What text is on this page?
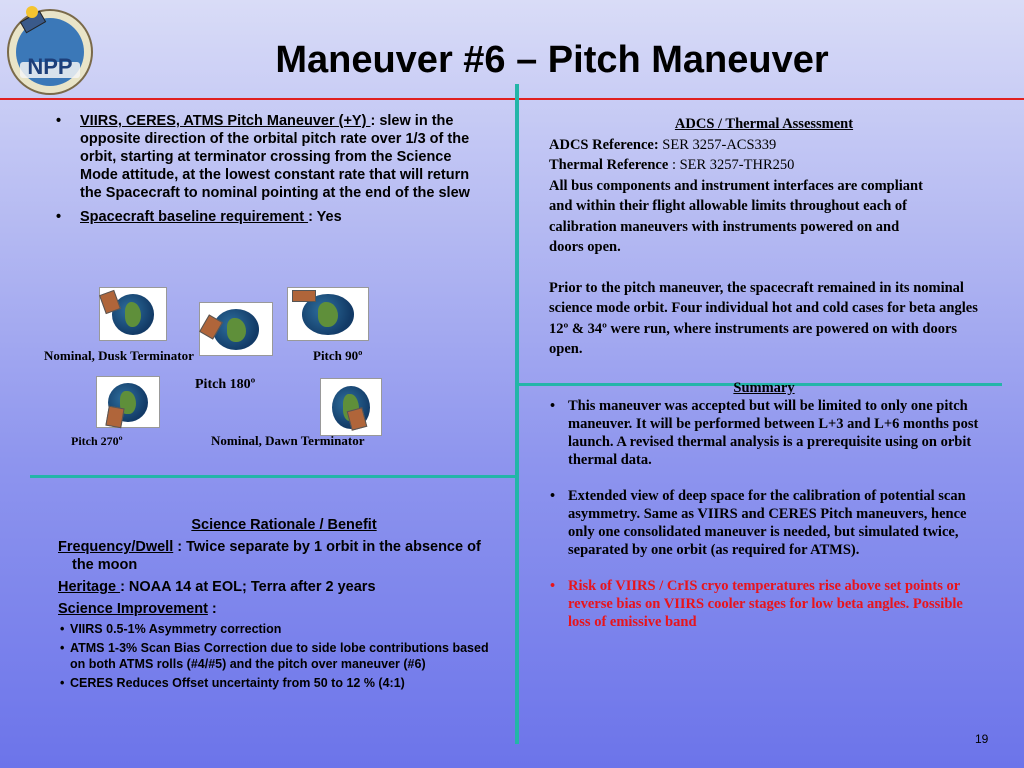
NPP	Maneuver #6 – Pitch Maneuver
• VIIRS, CERES, ATMS Pitch Maneuver (+Y) : slew in the opposite direction of the orbital pitch rate over 1/3 of the orbit, starting at terminator crossing from the Science Mode attitude, at the lowest constant rate that will return the Spacecraft to nominal pointing at the end of the slew
• Spacecraft baseline requirement : Yes
Nominal, Dusk Terminator	Pitch 90º
Pitch 180º
Pitch 270º	Nominal, Dawn Terminator
Science Rationale / Benefit
Frequency/Dwell : Twice separate by 1 orbit in the absence of the moon
Heritage : NOAA 14 at EOL; Terra after 2 years
Science Improvement :
• VIIRS 0.5-1% Asymmetry correction
• ATMS 1-3% Scan Bias Correction due to side lobe contributions based on both ATMS rolls (#4/#5) and the pitch over maneuver (#6)
• CERES Reduces Offset uncertainty from 50 to 12 % (4:1)
ADCS / Thermal Assessment
ADCS Reference: SER 3257-ACS339
Thermal Reference : SER 3257-THR250
All bus components and instrument interfaces are compliant and within their flight allowable limits throughout each of calibration maneuvers with instruments powered on and doors open.
Prior to the pitch maneuver, the spacecraft remained in its nominal science mode orbit. Four individual hot and cold cases for beta angles 12º & 34º were run, where instruments are powered on with doors open.
Summary
• This maneuver was accepted but will be limited to only one pitch maneuver. It will be performed between L+3 and L+6 months post launch. A revised thermal analysis is a prerequisite using on orbit thermal data.
• Extended view of deep space for the calibration of potential scan asymmetry. Same as VIIRS and CERES Pitch maneuvers, hence only one consolidated maneuver is needed, but simulated twice, separated by one orbit (as required for ATMS).
• Risk of VIIRS / CrIS cryo temperatures rise above set points or reverse bias on VIIRS cooler stages for low beta angles. Possible loss of emissive band
19
